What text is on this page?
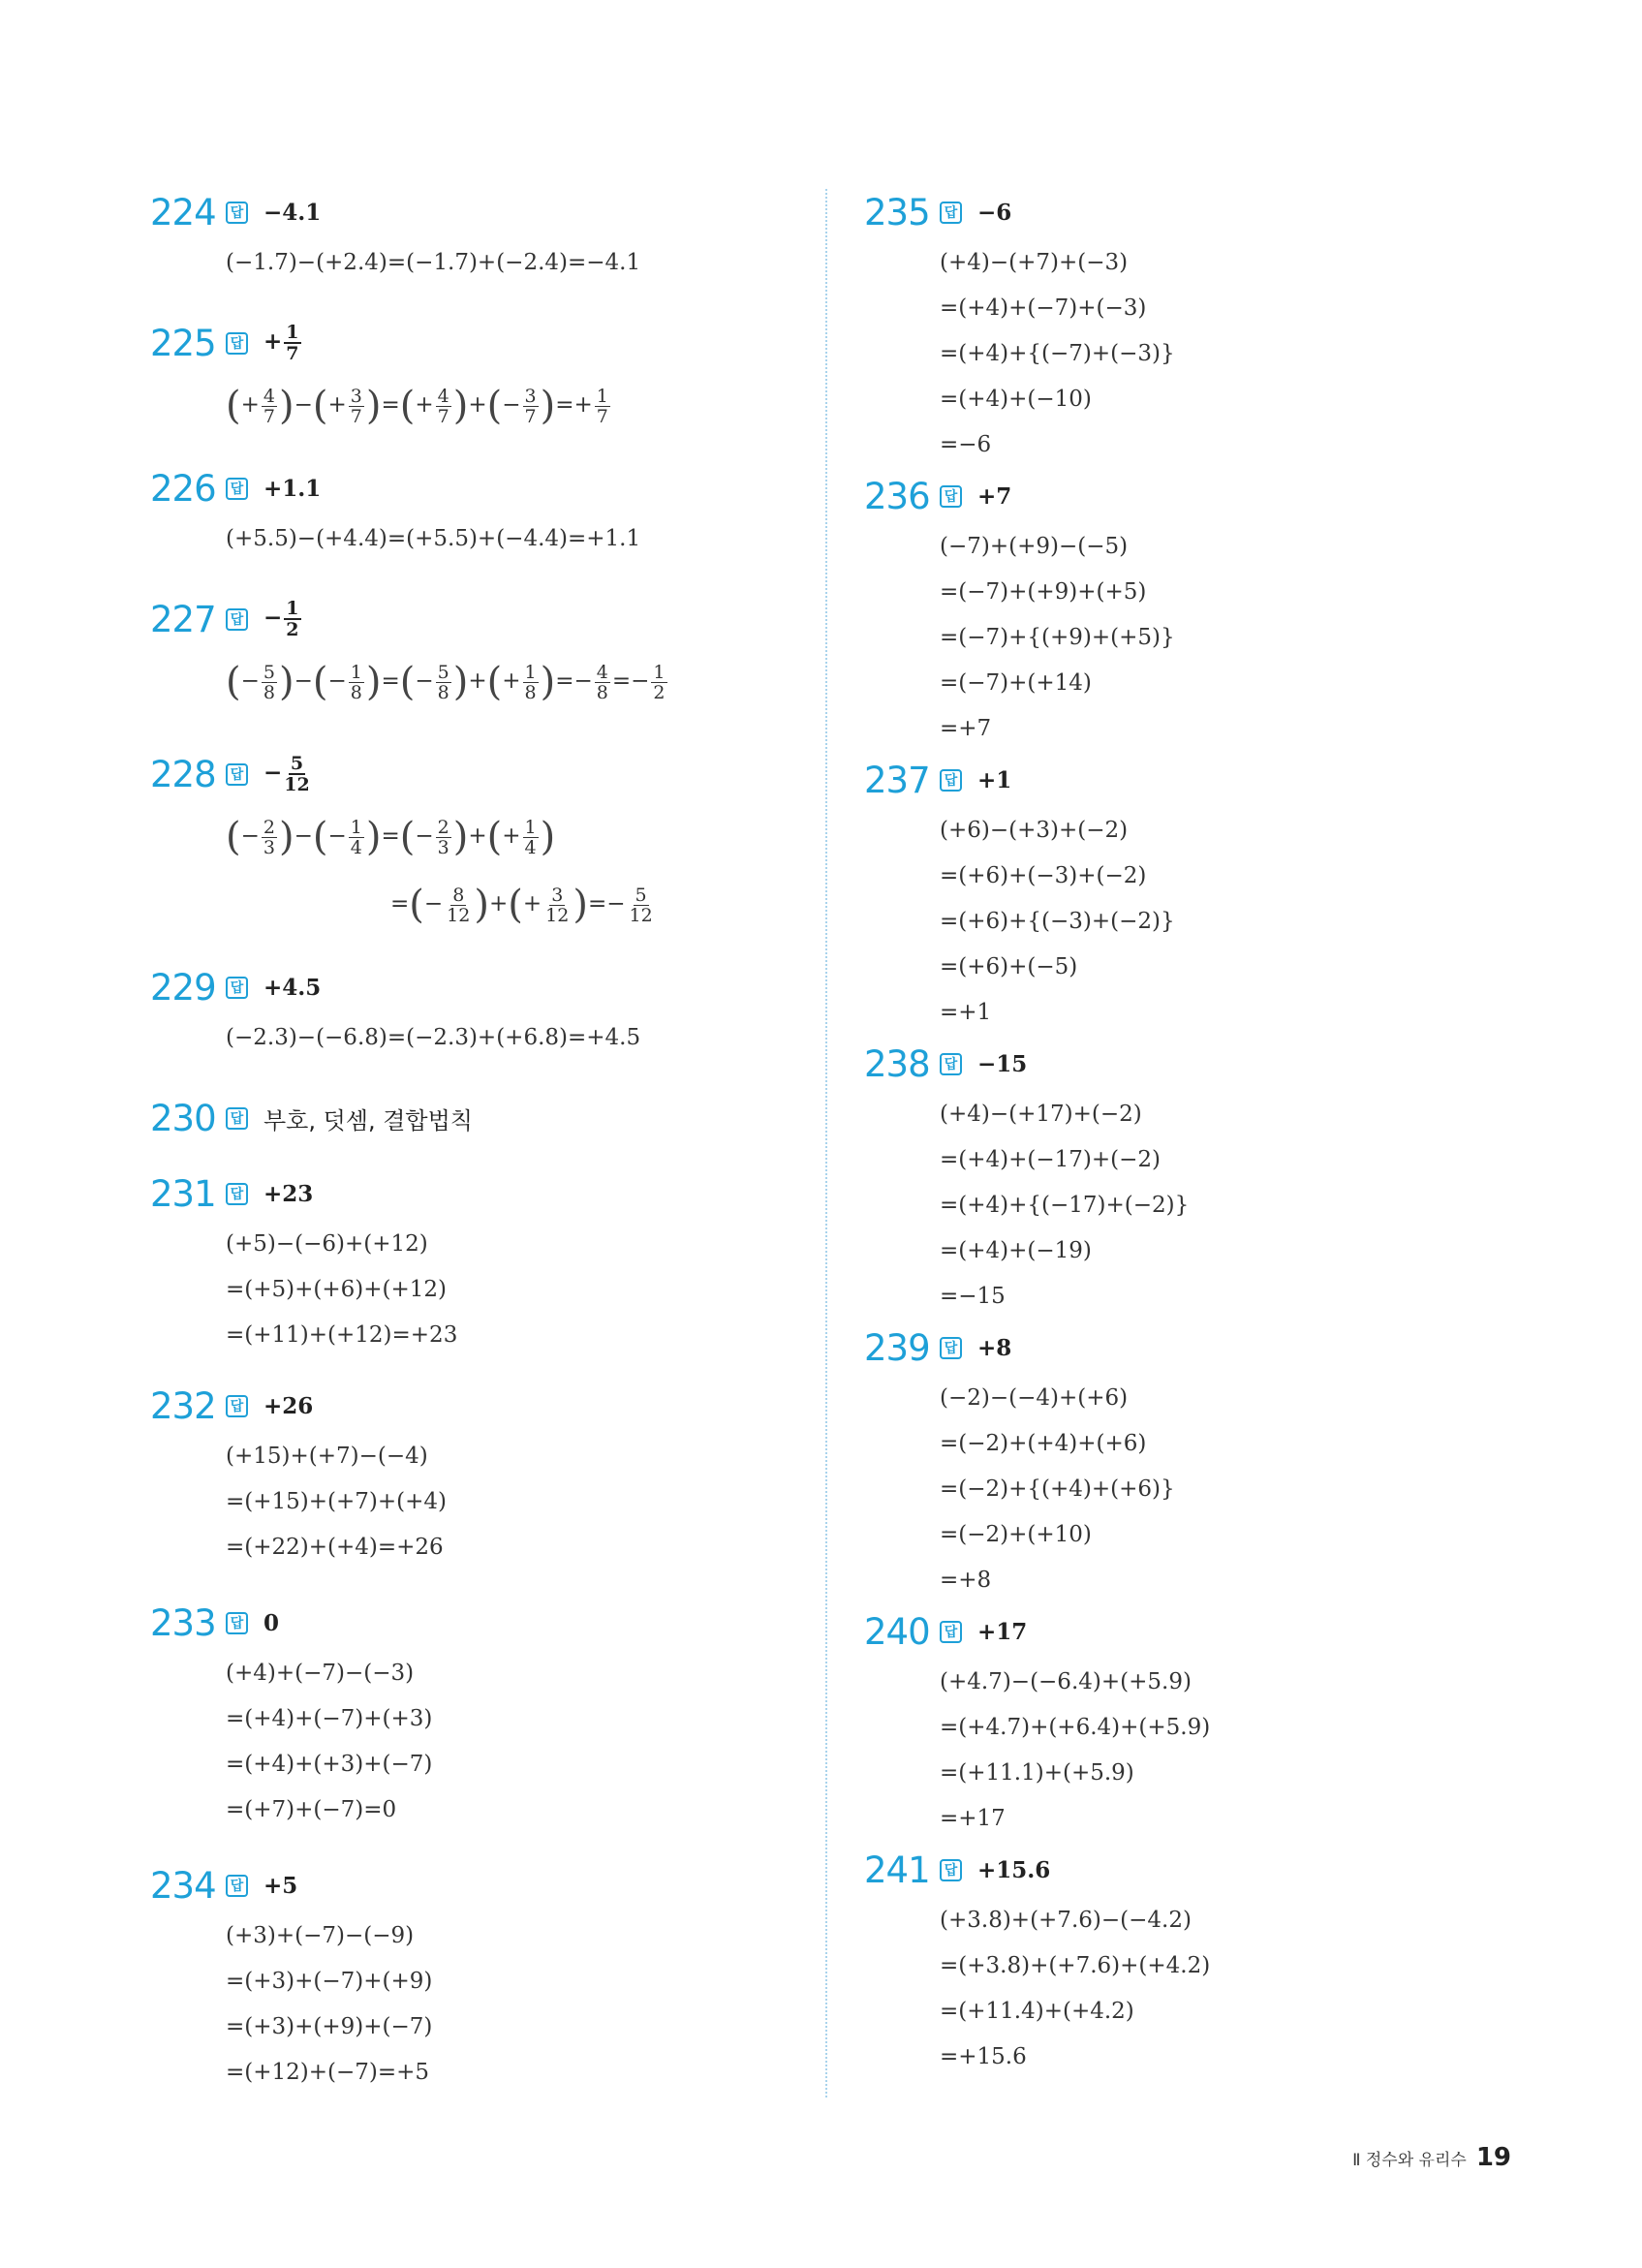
224	답 −4.1
(−1.7)−(+2.4)=(−1.7)+(−2.4)=−4.1
225	답 + $\frac{1}{7}$
(+ $\frac{4}{7}$ )−(+ $\frac{3}{7}$ )=(+ $\frac{4}{7}$ )+(− $\frac{3}{7}$ )=+ $\frac{1}{7}$
226	답 +1.1
(+5.5)−(+4.4)=(+5.5)+(−4.4)=+1.1
227	답 − $\frac{1}{2}$
(− $\frac{5}{8}$ )−(− $\frac{1}{8}$ )=(− $\frac{5}{8}$ )+(+ $\frac{1}{8}$ )=− $\frac{4}{8} =- \frac{1}{2}$
228	답 − $\frac{5}{12}$
(− $\frac{2}{3}$ )−(− $\frac{1}{4}$ )=(− $\frac{2}{3}$ )+(+ $\frac{1}{4}$ )
=(− $\frac{8}{12}$ )+(+ $\frac{3}{12}$ )=− $\frac{5}{12}$
229	답 +4.5
(−2.3)−(−6.8)=(−2.3)+(+6.8)=+4.5
230	답 부호, 덧셈, 결합법칙
231	답 +23
(+5)−(−6)+(+12)
=(+5)+(+6)+(+12)
=(+11)+(+12)=+23
232	답 +26
(+15)+(+7)−(−4)
=(+15)+(+7)+(+4)
=(+22)+(+4)=+26
233	답 0
(+4)+(−7)−(−3)
=(+4)+(−7)+(+3)
=(+4)+(+3)+(−7)
=(+7)+(−7)=0
234	답 +5
(+3)+(−7)−(−9)
=(+3)+(−7)+(+9)
=(+3)+(+9)+(−7)
=(+12)+(−7)=+5
235	답 −6
(+4)−(+7)+(−3)
=(+4)+(−7)+(−3)
=(+4)+{(−7)+(−3)}
=(+4)+(−10)
=−6
236	답 +7
(−7)+(+9)−(−5)
=(−7)+(+9)+(+5)
=(−7)+{(+9)+(+5)}
=(−7)+(+14)
=+7
237	답 +1
(+6)−(+3)+(−2)
=(+6)+(−3)+(−2)
=(+6)+{(−3)+(−2)}
=(+6)+(−5)
=+1
238	답 −15
(+4)−(+17)+(−2)
=(+4)+(−17)+(−2)
=(+4)+{(−17)+(−2)}
=(+4)+(−19)
=−15
239	답 +8
(−2)−(−4)+(+6)
=(−2)+(+4)+(+6)
=(−2)+{(+4)+(+6)}
=(−2)+(+10)
=+8
240	답 +17
(+4.7)−(−6.4)+(+5.9)
=(+4.7)+(+6.4)+(+5.9)
=(+11.1)+(+5.9)
=+17
241	답 +15.6
(+3.8)+(+7.6)−(−4.2)
=(+3.8)+(+7.6)+(+4.2)
=(+11.4)+(+4.2)
=+15.6
Ⅱ 정수와 유리수 19
